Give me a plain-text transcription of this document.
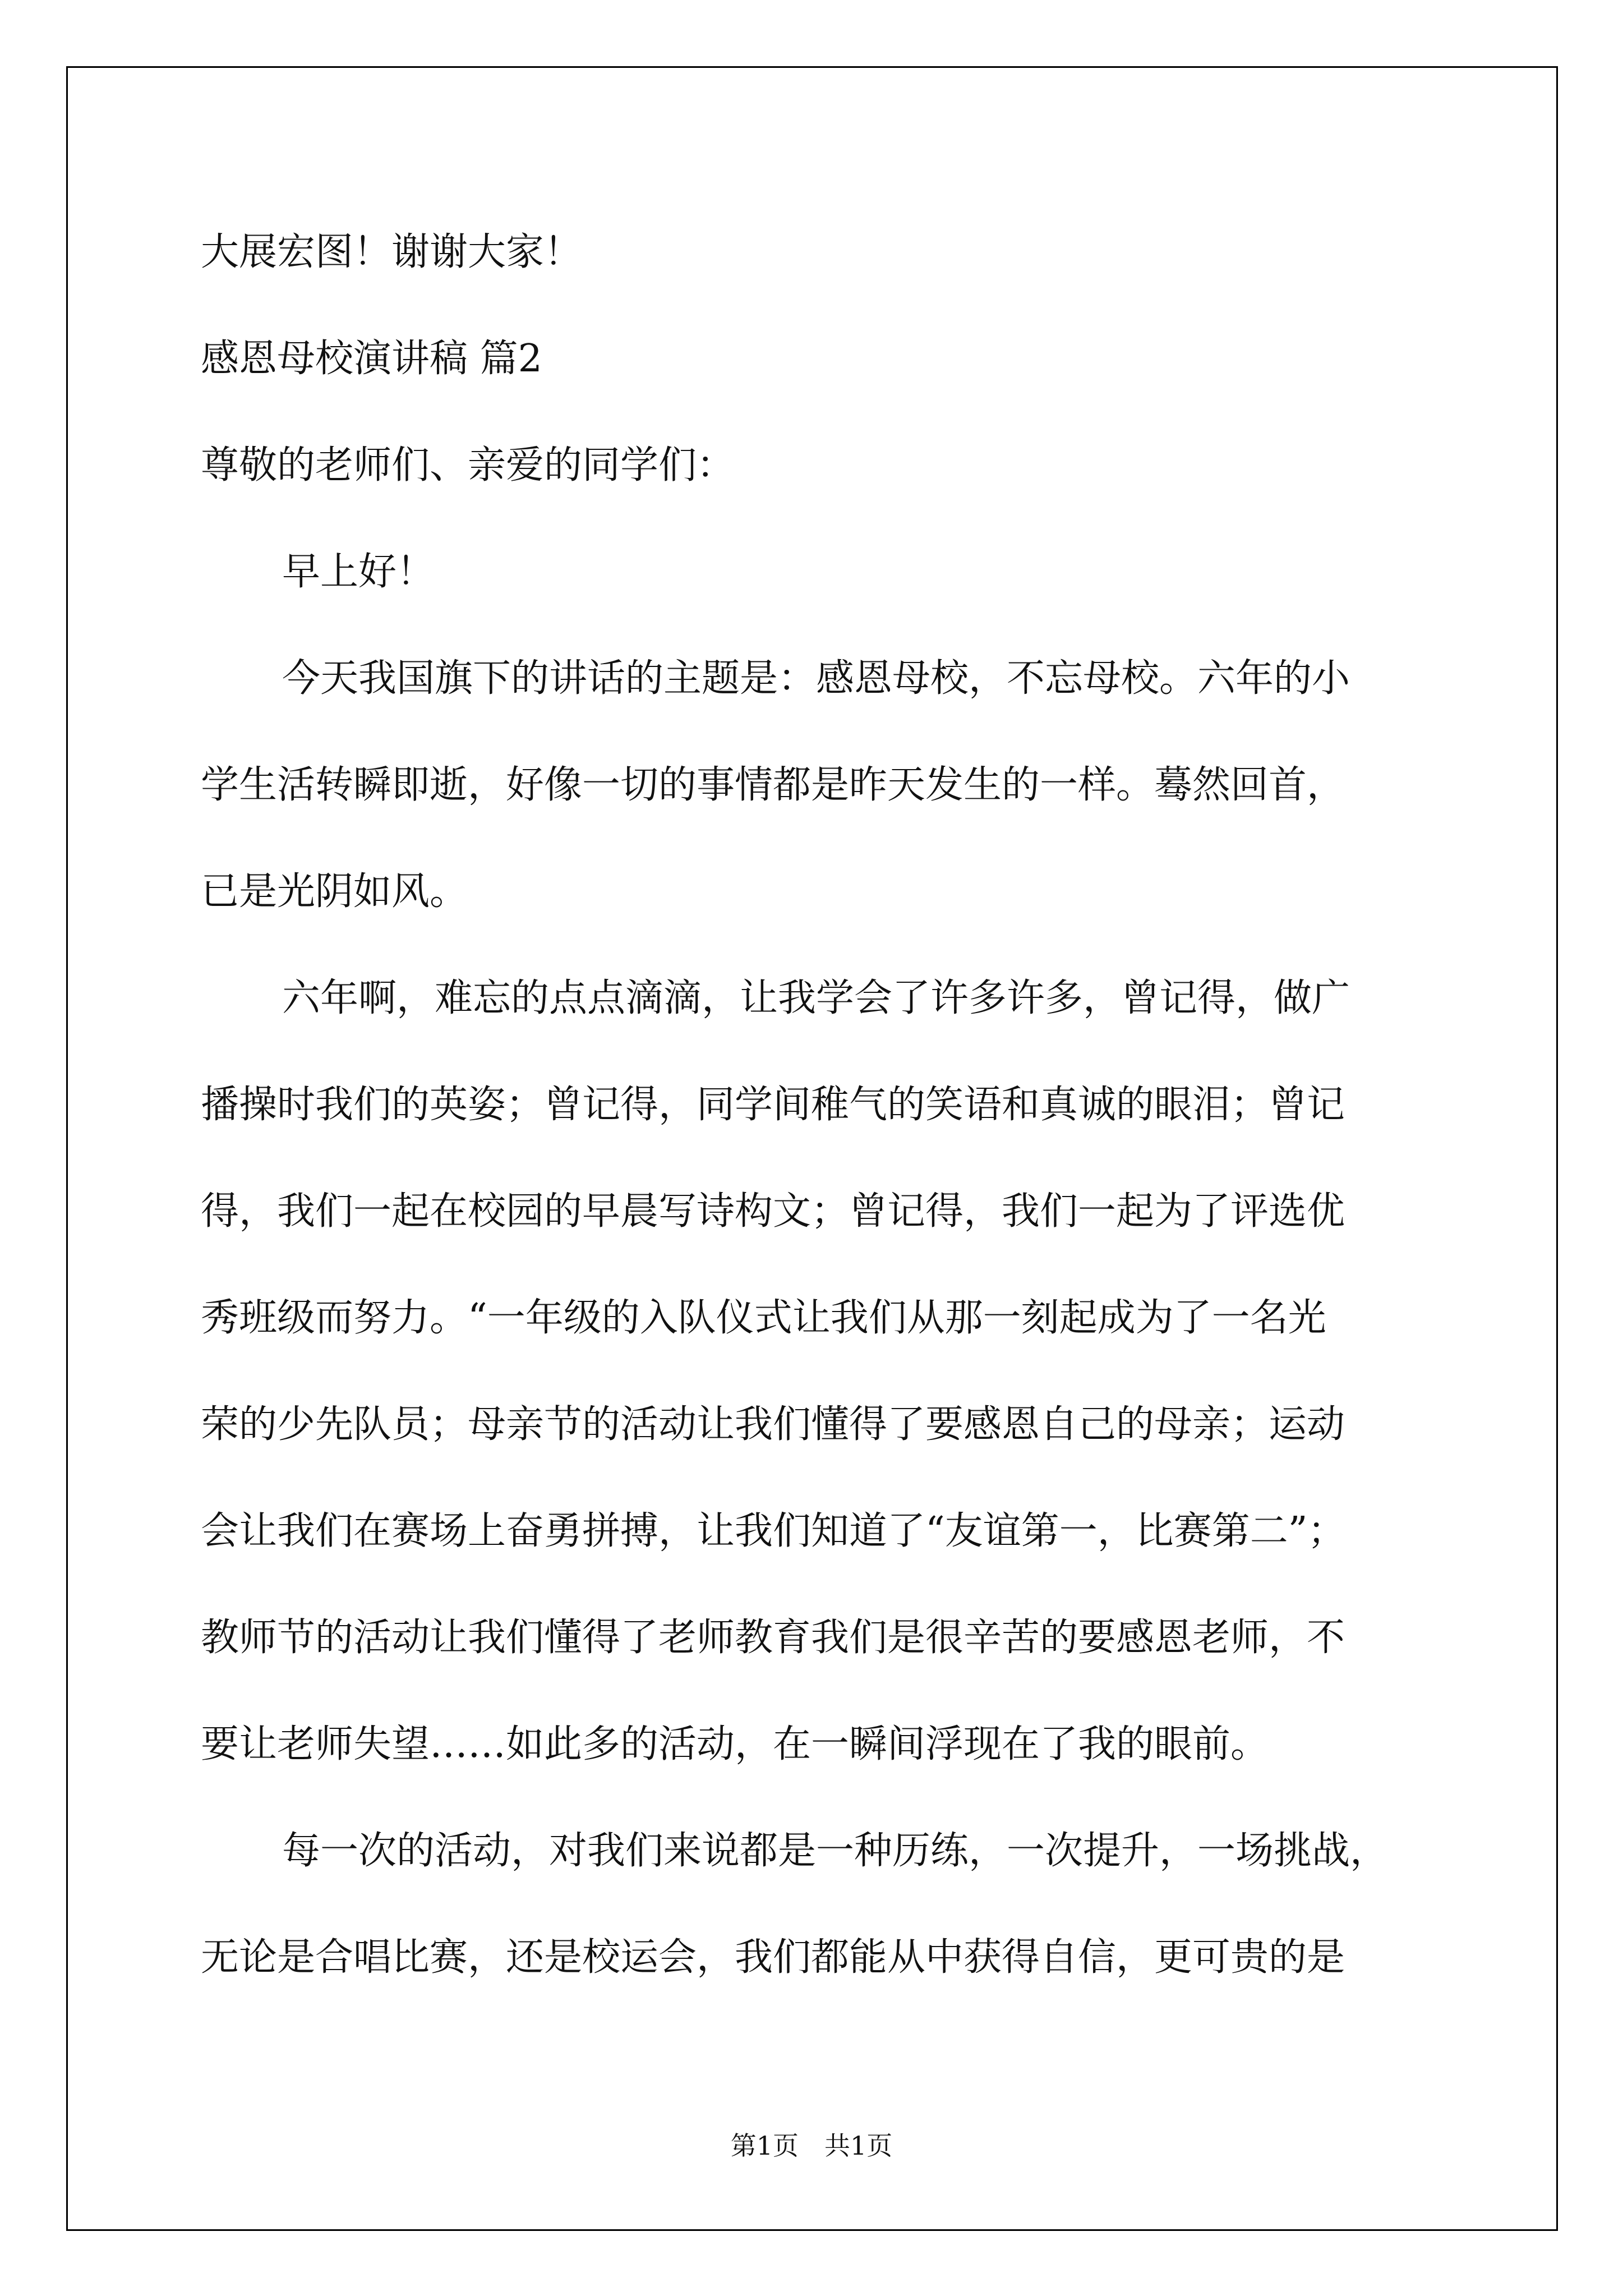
大展宏图！谢谢大家！
感恩母校演讲稿 篇2
尊敬的老师们、亲爱的同学们：
早上好！
今天我国旗下的讲话的主题是：感恩母校，不忘母校。六年的小
学生活转瞬即逝，好像一切的事情都是昨天发生的一样。蓦然回首，
已是光阴如风。
六年啊，难忘的点点滴滴，让我学会了许多许多，曾记得，做广
播操时我们的英姿；曾记得，同学间稚气的笑语和真诚的眼泪；曾记
得，我们一起在校园的早晨写诗构文；曾记得，我们一起为了评选优
秀班级而努力。“一年级的入队仪式让我们从那一刻起成为了一名光
荣的少先队员；母亲节的活动让我们懂得了要感恩自己的母亲；运动
会让我们在赛场上奋勇拼搏，让我们知道了“友谊第一，比赛第二”；
教师节的活动让我们懂得了老师教育我们是很辛苦的要感恩老师，不
要让老师失望……如此多的活动，在一瞬间浮现在了我的眼前。
每一次的活动，对我们来说都是一种历练，一次提升，一场挑战，
无论是合唱比赛，还是校运会，我们都能从中获得自信，更可贵的是
第1页　共1页
